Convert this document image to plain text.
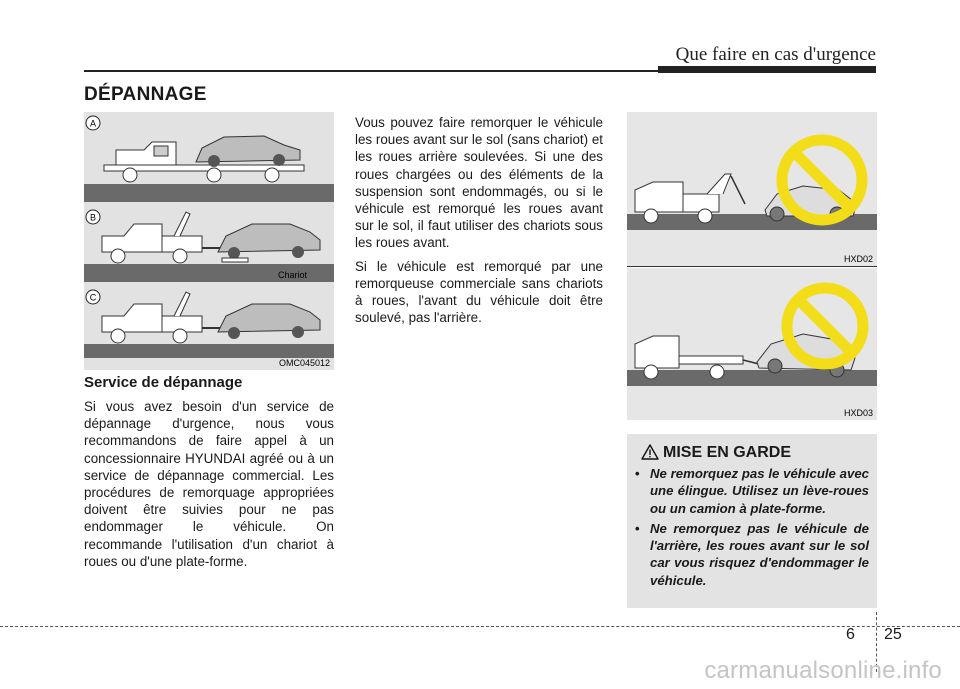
Que faire en cas d'urgence
DÉPANNAGE
A
B
Chariot
C
OMC045012
Service de dépannage

Si vous avez besoin d'un service de dépannage d'urgence, nous vous recommandons de faire appel à un concessionnaire HYUNDAI agréé ou à un service de dépannage commercial. Les procédures de remorquage appropriées doivent être suivies pour ne pas endommager le véhicule. On recommande l'utilisation d'un chariot à roues ou d'une plate-forme.

Vous pouvez faire remorquer le véhicule les roues avant sur le sol (sans chariot) et les roues arrière soulevées. Si une des roues chargées ou des éléments de la suspension sont endommagés, ou si le véhicule est remorqué les roues avant sur le sol, il faut utiliser des chariots sous les roues avant.

Si le véhicule est remorqué par une remorqueuse commerciale sans chariots à roues, l'avant du véhicule doit être soulevé, pas l'arrière.

HXD02
HXD03
MISE EN GARDE
• Ne remorquez pas le véhicule avec une élingue. Utilisez un lève-roues ou un camion à plate-forme.
• Ne remorquez pas le véhicule de l'arrière, les roues avant sur le sol car vous risquez d'endommager le véhicule.
6 25
carmanualsonline.info
